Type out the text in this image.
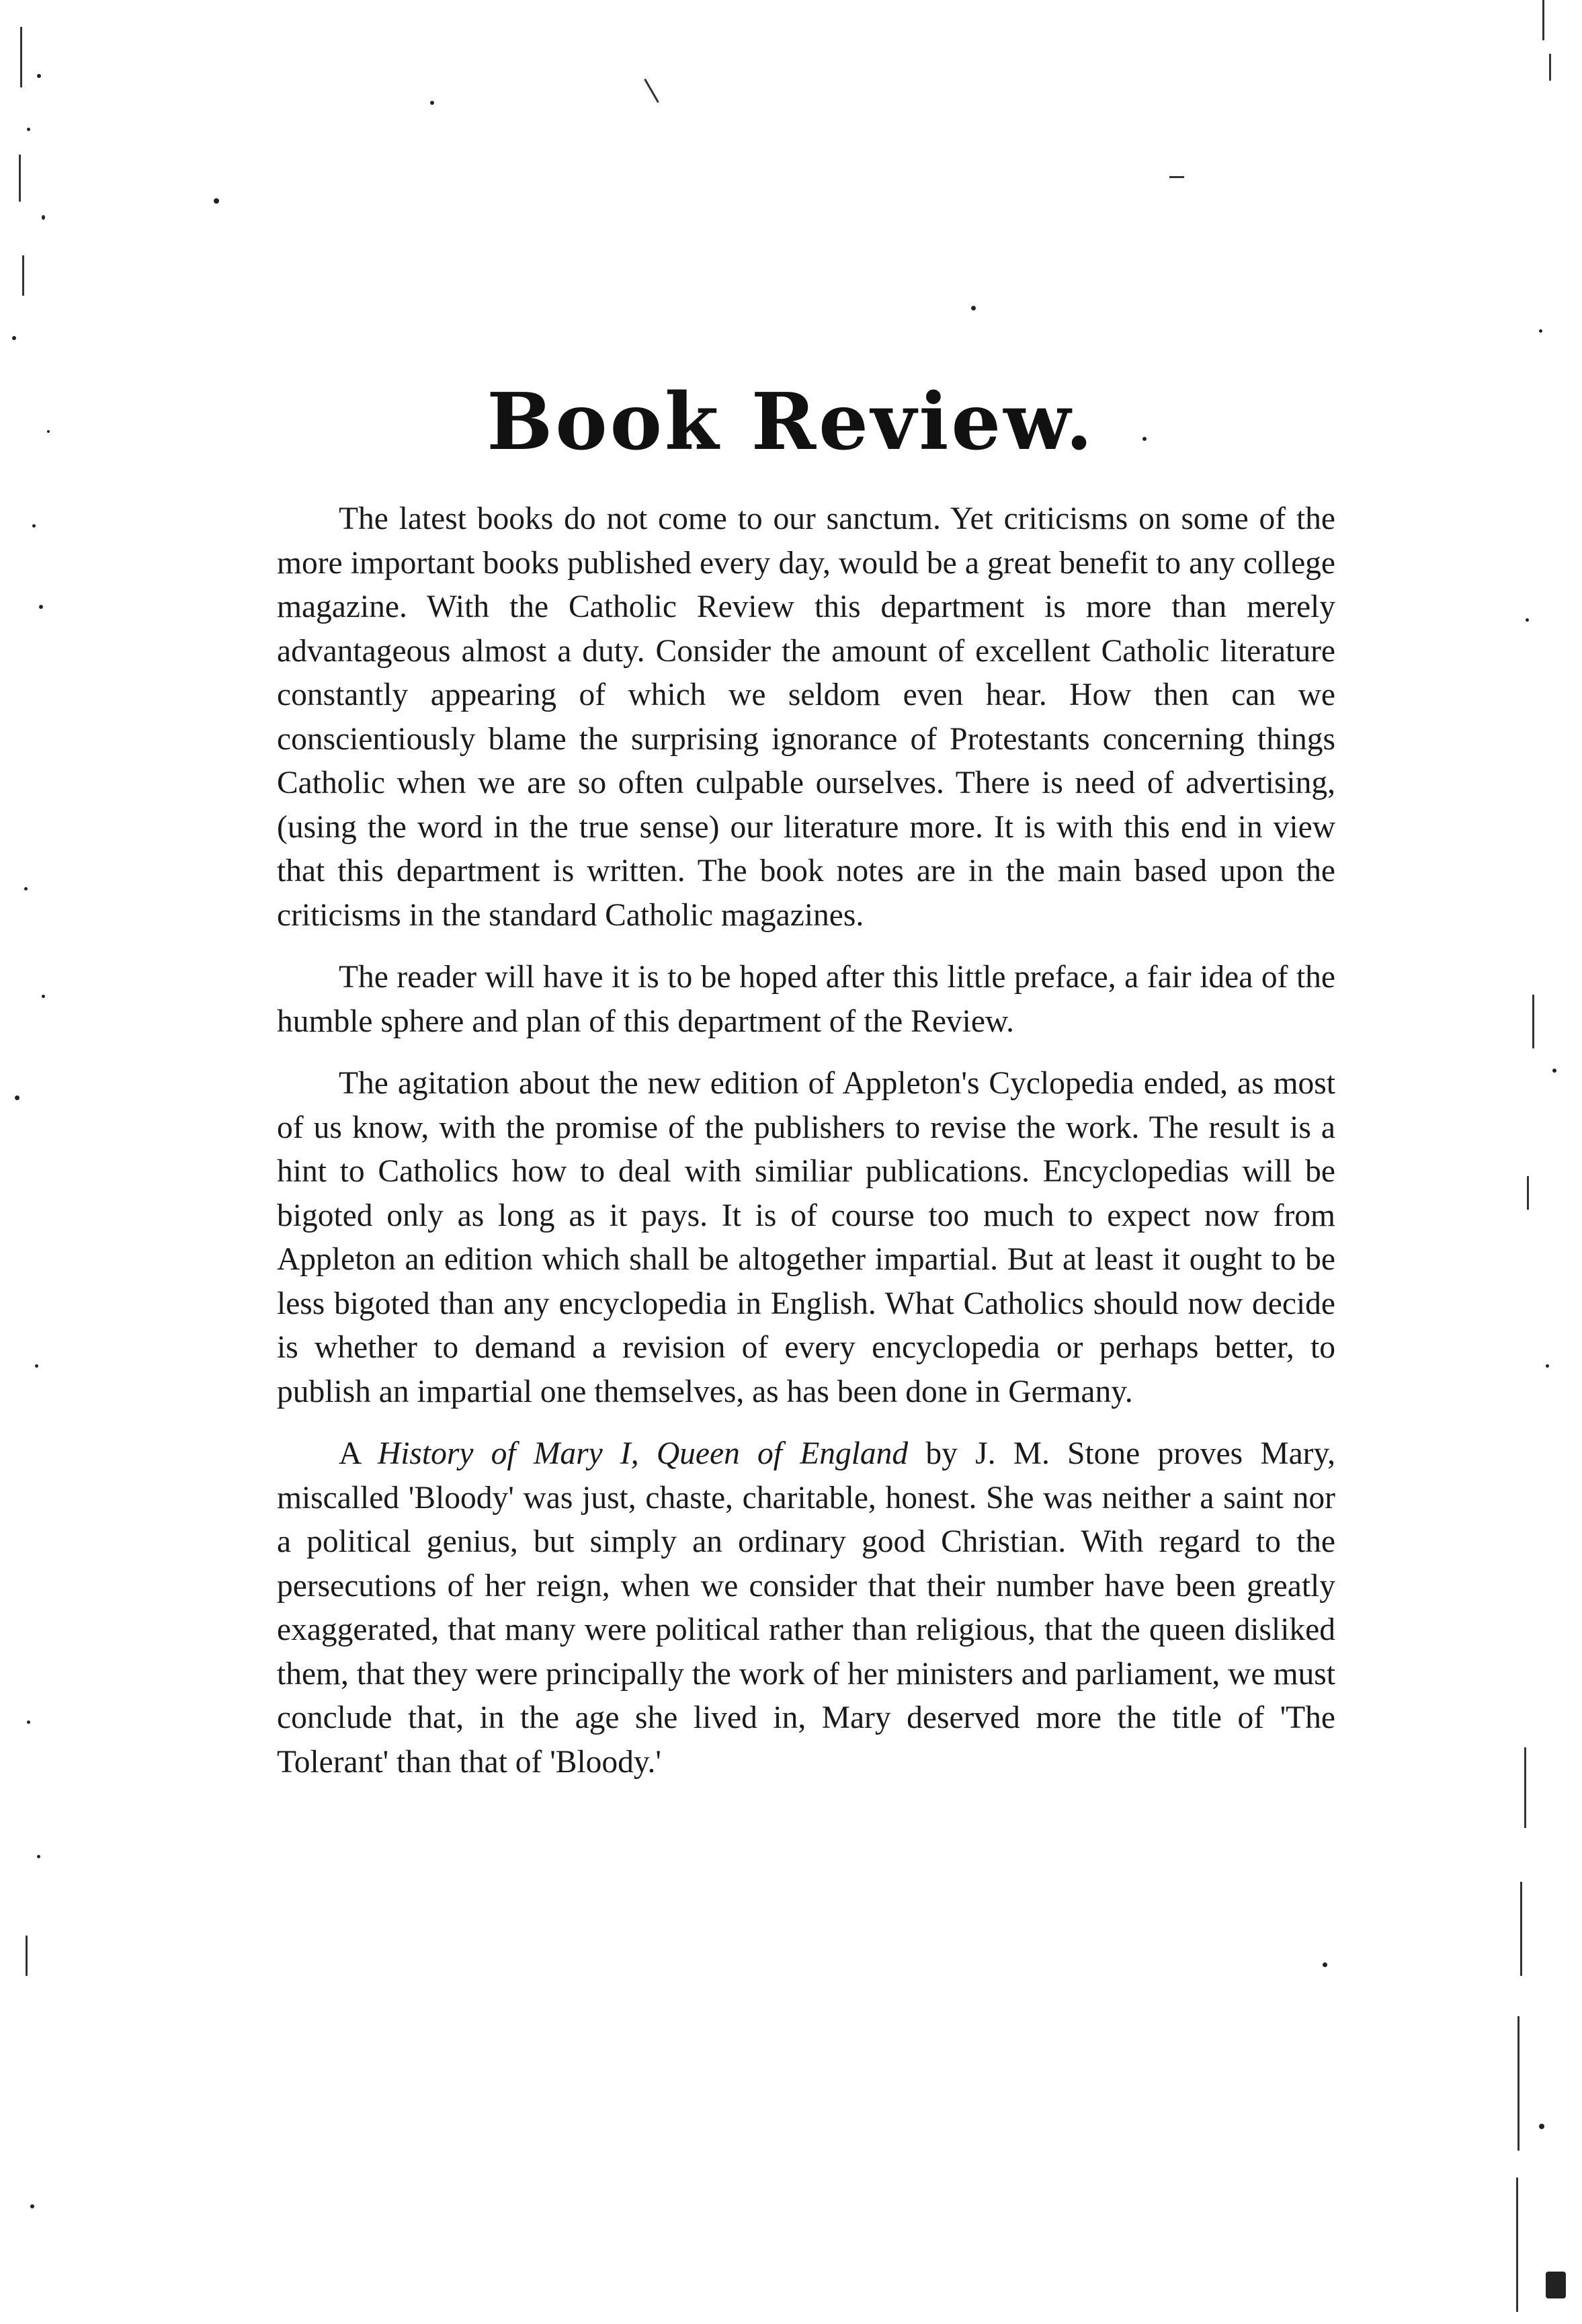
Book Review.

The latest books do not come to our sanctum. Yet criticisms on some of the more important books published every day, would be a great benefit to any college magazine. With the Catholic Review this department is more than merely advantageous almost a duty. Consider the amount of excellent Catholic literature constantly appearing of which we seldom even hear. How then can we conscientiously blame the surprising ignorance of Protestants concerning things Catholic when we are so often culpable ourselves. There is need of advertising, (using the word in the true sense) our literature more. It is with this end in view that this department is written. The book notes are in the main based upon the criticisms in the standard Catholic magazines.

The reader will have it is to be hoped after this little preface, a fair idea of the humble sphere and plan of this department of the Review.

The agitation about the new edition of Appleton's Cyclopedia ended, as most of us know, with the promise of the publishers to revise the work. The result is a hint to Catholics how to deal with similiar publications. Encyclopedias will be bigoted only as long as it pays. It is of course too much to expect now from Appleton an edition which shall be altogether impartial. But at least it ought to be less bigoted than any encyclopedia in English. What Catholics should now decide is whether to demand a revision of every encyclopedia or perhaps better, to publish an impartial one themselves, as has been done in Germany.

A History of Mary I, Queen of England by J. M. Stone proves Mary, miscalled 'Bloody' was just, chaste, charitable, honest. She was neither a saint nor a political genius, but simply an ordinary good Christian. With regard to the persecutions of her reign, when we consider that their number have been greatly exaggerated, that many were political rather than religious, that the queen disliked them, that they were principally the work of her ministers and parliament, we must conclude that, in the age she lived in, Mary deserved more the title of 'The Tolerant' than that of 'Bloody.'
